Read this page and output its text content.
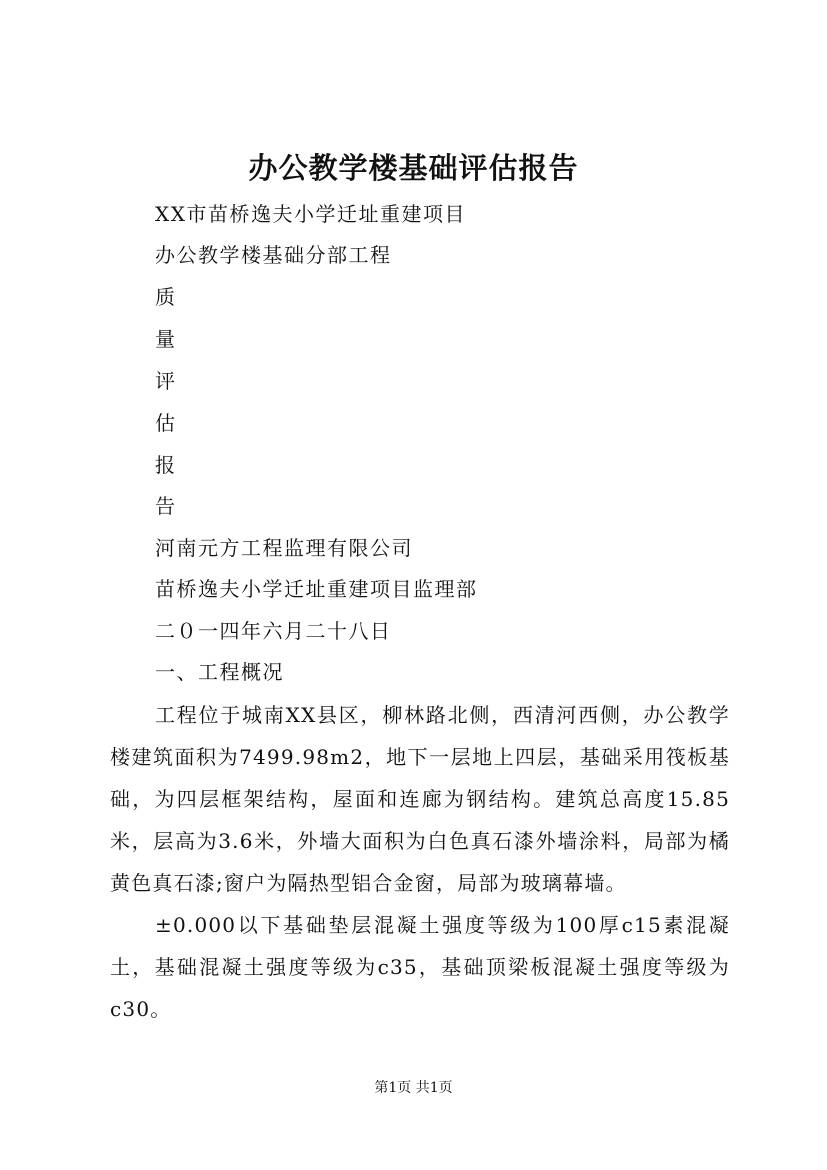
办公教学楼基础评估报告
XX市苗桥逸夫小学迁址重建项目
办公教学楼基础分部工程
质
量
评
估
报
告
河南元方工程监理有限公司
苗桥逸夫小学迁址重建项目监理部
二０一四年六月二十八日
一、工程概况

工程位于城南XX县区，柳林路北侧，西清河西侧，办公教学楼建筑面积为7499.98m2，地下一层地上四层，基础采用筏板基础，为四层框架结构，屋面和连廊为钢结构。建筑总高度15.85米，层高为3.6米，外墙大面积为白色真石漆外墙涂料，局部为橘黄色真石漆;窗户为隔热型铝合金窗，局部为玻璃幕墙。

±0.000以下基础垫层混凝土强度等级为100厚c15素混凝土，基础混凝土强度等级为c35，基础顶梁板混凝土强度等级为c30。

第1页 共1页
